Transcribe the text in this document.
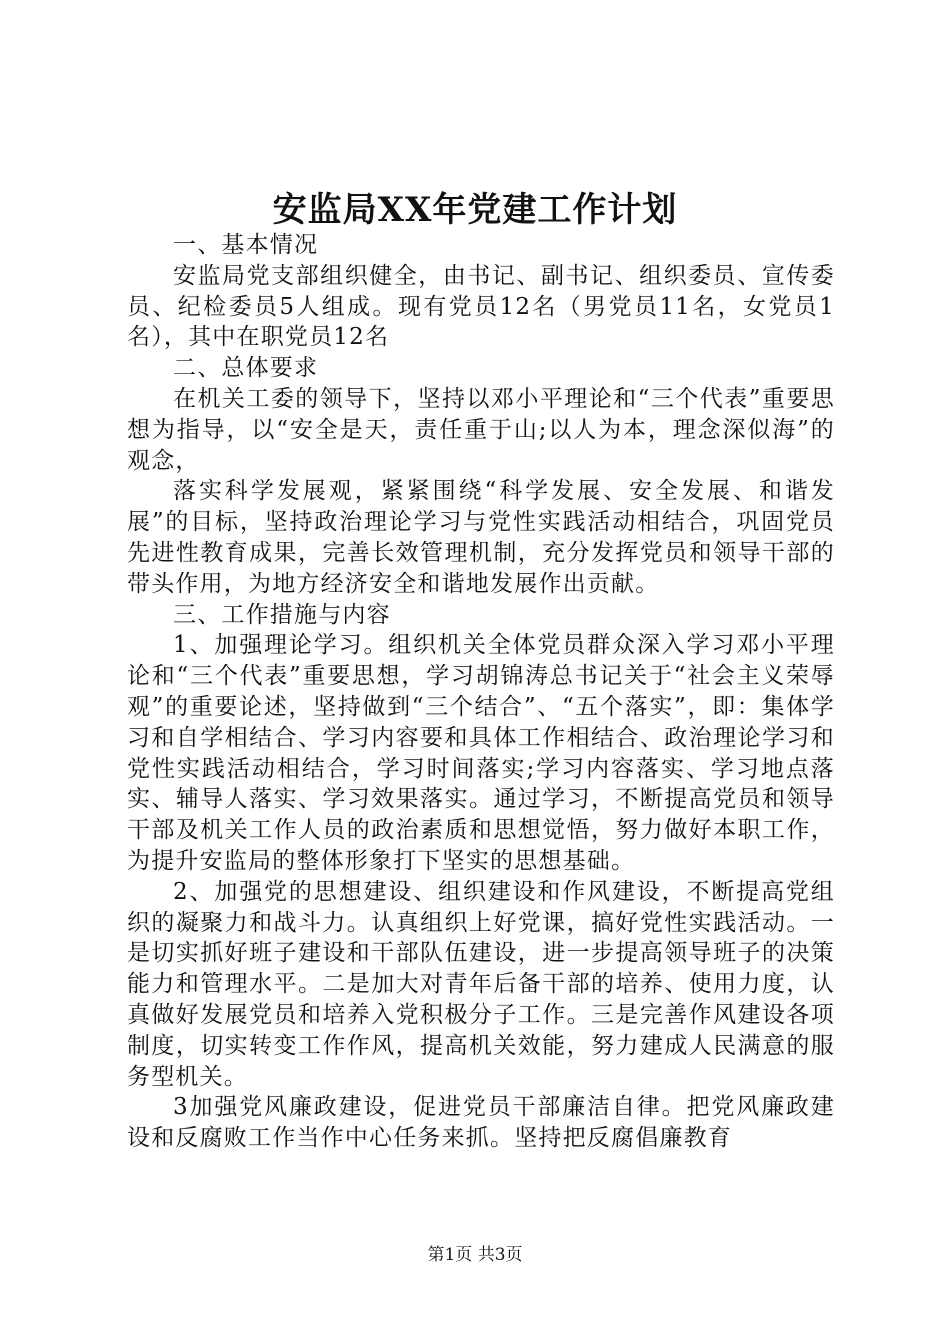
安监局XX年党建工作计划

一、基本情况

安监局党支部组织健全，由书记、副书记、组织委员、宣传委员、纪检委员5人组成。现有党员12名（男党员11名，女党员1名），其中在职党员12名

二、总体要求

在机关工委的领导下，坚持以邓小平理论和“三个代表”重要思想为指导，以“安全是天，责任重于山;以人为本，理念深似海”的观念，

落实科学发展观，紧紧围绕“科学发展、安全发展、和谐发展”的目标，坚持政治理论学习与党性实践活动相结合，巩固党员先进性教育成果，完善长效管理机制，充分发挥党员和领导干部的带头作用，为地方经济安全和谐地发展作出贡献。

三、工作措施与内容

1、加强理论学习。组织机关全体党员群众深入学习邓小平理论和“三个代表”重要思想，学习胡锦涛总书记关于“社会主义荣辱观”的重要论述，坚持做到“三个结合”、“五个落实”，即：集体学习和自学相结合、学习内容要和具体工作相结合、政治理论学习和党性实践活动相结合，学习时间落实;学习内容落实、学习地点落实、辅导人落实、学习效果落实。通过学习，不断提高党员和领导干部及机关工作人员的政治素质和思想觉悟，努力做好本职工作，为提升安监局的整体形象打下坚实的思想基础。

2、加强党的思想建设、组织建设和作风建设，不断提高党组织的凝聚力和战斗力。认真组织上好党课，搞好党性实践活动。一是切实抓好班子建设和干部队伍建设，进一步提高领导班子的决策能力和管理水平。二是加大对青年后备干部的培养、使用力度，认真做好发展党员和培养入党积极分子工作。三是完善作风建设各项制度，切实转变工作作风，提高机关效能，努力建成人民满意的服务型机关。

3加强党风廉政建设，促进党员干部廉洁自律。把党风廉政建设和反腐败工作当作中心任务来抓。坚持把反腐倡廉教育

第1页 共3页
